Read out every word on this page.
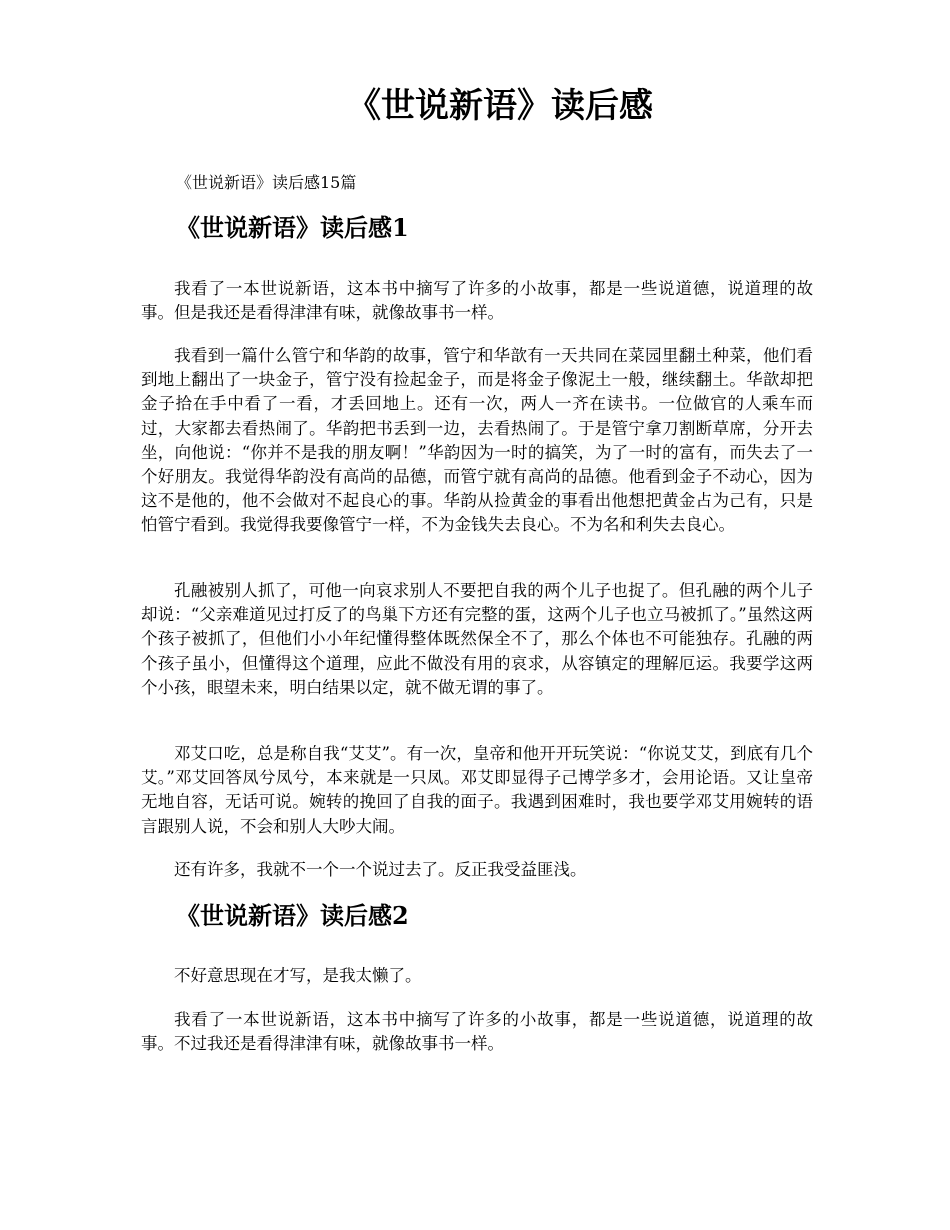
《世说新语》读后感

《世说新语》读后感15篇

《世说新语》读后感1

我看了一本世说新语，这本书中摘写了许多的小故事，都是一些说道德，说道理的故事。但是我还是看得津津有味，就像故事书一样。

我看到一篇什么管宁和华韵的故事，管宁和华歆有一天共同在菜园里翻土种菜，他们看到地上翻出了一块金子，管宁没有捡起金子，而是将金子像泥土一般，继续翻土。华歆却把金子拾在手中看了一看，才丢回地上。还有一次，两人一齐在读书。一位做官的人乘车而过，大家都去看热闹了。华韵把书丢到一边，去看热闹了。于是管宁拿刀割断草席，分开去坐，向他说：“你并不是我的朋友啊！”华韵因为一时的搞笑，为了一时的富有，而失去了一个好朋友。我觉得华韵没有高尚的品德，而管宁就有高尚的品德。他看到金子不动心，因为这不是他的，他不会做对不起良心的事。华韵从捡黄金的事看出他想把黄金占为己有，只是怕管宁看到。我觉得我要像管宁一样，不为金钱失去良心。不为名和利失去良心。

孔融被别人抓了，可他一向哀求别人不要把自我的两个儿子也捉了。但孔融的两个儿子却说：“父亲难道见过打反了的鸟巢下方还有完整的蛋，这两个儿子也立马被抓了。”虽然这两个孩子被抓了，但他们小小年纪懂得整体既然保全不了，那么个体也不可能独存。孔融的两个孩子虽小，但懂得这个道理，应此不做没有用的哀求，从容镇定的理解厄运。我要学这两个小孩，眼望未来，明白结果以定，就不做无谓的事了。

邓艾口吃，总是称自我“艾艾”。有一次，皇帝和他开开玩笑说：“你说艾艾，到底有几个艾。”邓艾回答凤兮凤兮，本来就是一只凤。邓艾即显得子己博学多才，会用论语。又让皇帝无地自容，无话可说。婉转的挽回了自我的面子。我遇到困难时，我也要学邓艾用婉转的语言跟别人说，不会和别人大吵大闹。

还有许多，我就不一个一个说过去了。反正我受益匪浅。

《世说新语》读后感2

不好意思现在才写，是我太懒了。

我看了一本世说新语，这本书中摘写了许多的小故事，都是一些说道德，说道理的故事。不过我还是看得津津有味，就像故事书一样。
